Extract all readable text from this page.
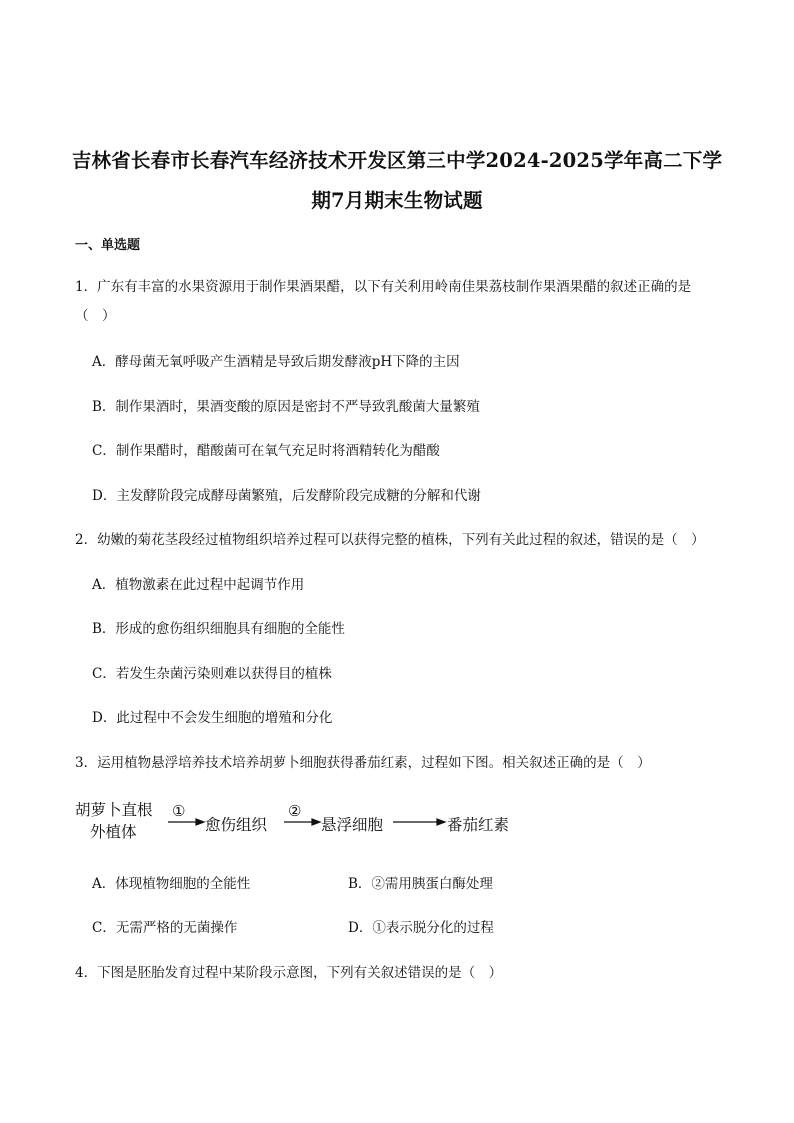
吉林省长春市长春汽车经济技术开发区第三中学2024-2025学年高二下学
期7月期末生物试题
一、单选题
1．广东有丰富的水果资源用于制作果酒果醋，以下有关利用岭南佳果荔枝制作果酒果醋的叙述正确的是
（　）
A．酵母菌无氧呼吸产生酒精是导致后期发酵液pH下降的主因
B．制作果酒时，果酒变酸的原因是密封不严导致乳酸菌大量繁殖
C．制作果醋时，醋酸菌可在氧气充足时将酒精转化为醋酸
D．主发酵阶段完成酵母菌繁殖，后发酵阶段完成糖的分解和代谢
2．幼嫩的菊花茎段经过植物组织培养过程可以获得完整的植株，下列有关此过程的叙述，错误的是（　）
A．植物激素在此过程中起调节作用
B．形成的愈伤组织细胞具有细胞的全能性
C．若发生杂菌污染则难以获得目的植株
D．此过程中不会发生细胞的增殖和分化
3．运用植物悬浮培养技术培养胡萝卜细胞获得番茄红素，过程如下图。相关叙述正确的是（　）
胡萝卜直根
外植体
①
愈伤组织
②
悬浮细胞	番茄红素
A．体现植物细胞的全能性	B．②需用胰蛋白酶处理
C．无需严格的无菌操作	D．①表示脱分化的过程
4．下图是胚胎发育过程中某阶段示意图，下列有关叙述错误的是（　）
